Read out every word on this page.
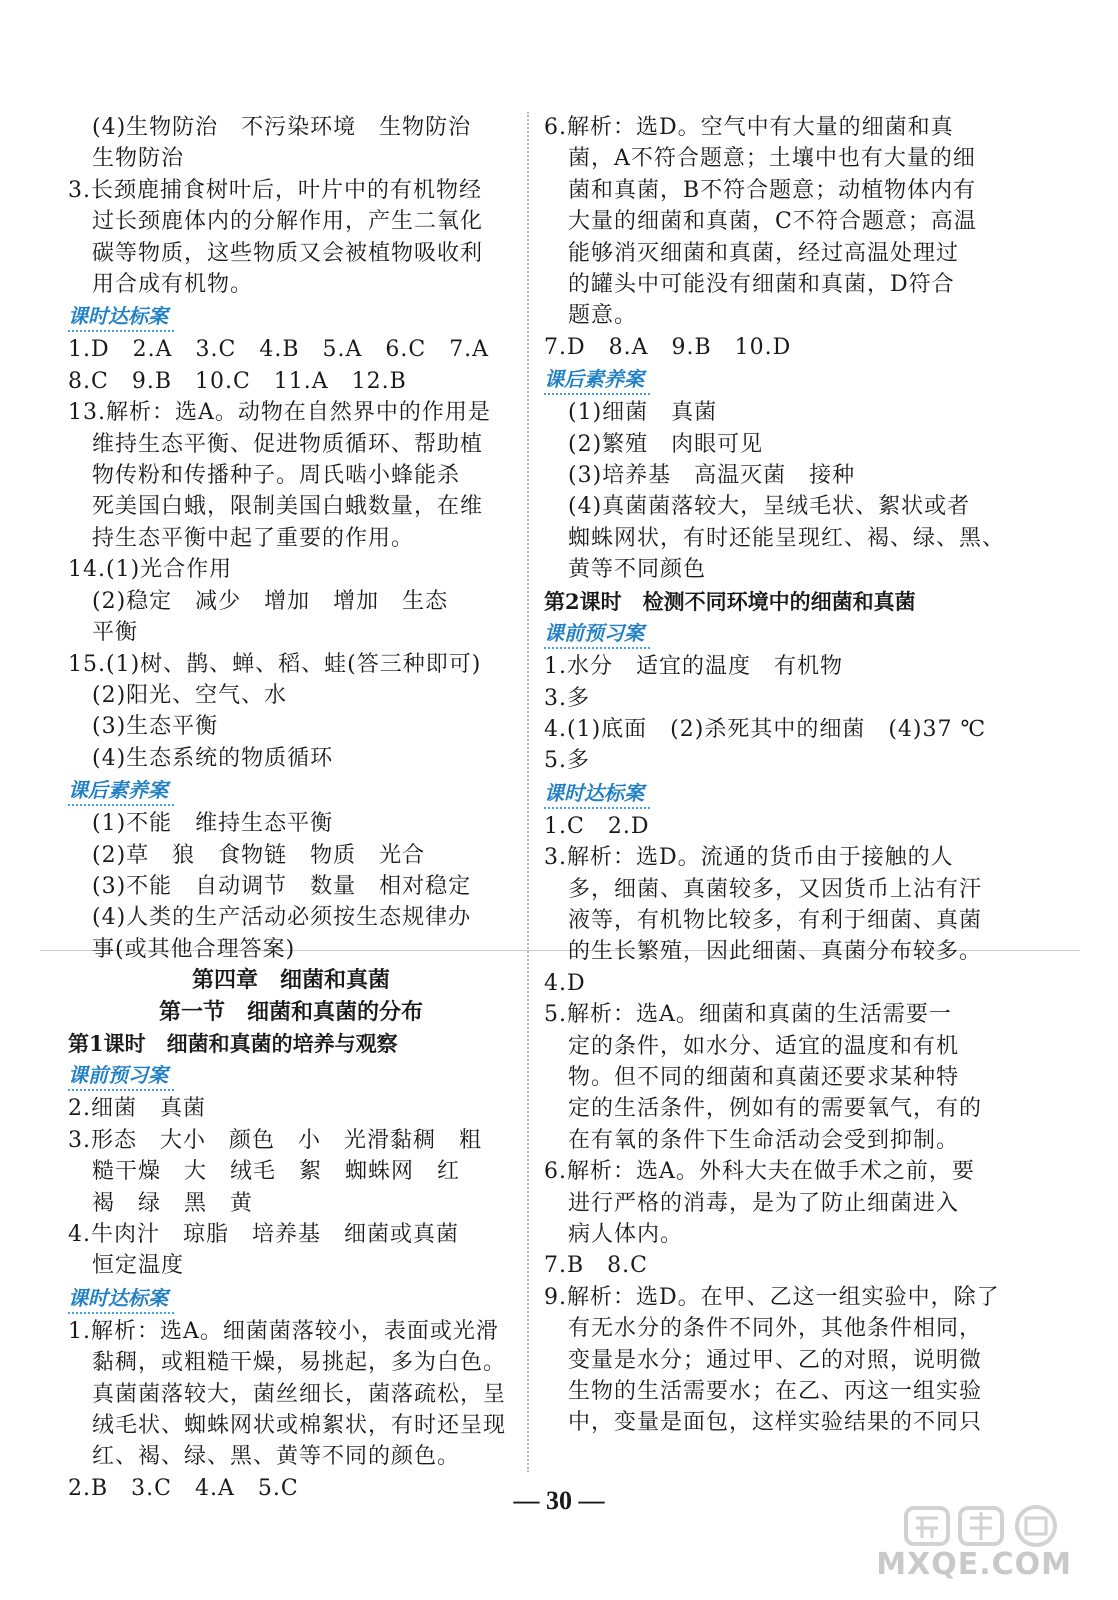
(4)生物防治　不污染环境　生物防治
生物防治
3.长颈鹿捕食树叶后，叶片中的有机物经
过长颈鹿体内的分解作用，产生二氧化
碳等物质，这些物质又会被植物吸收利
用合成有机物。
课时达标案
1.D　2.A　3.C　4.B　5.A　6.C　7.A
8.C　9.B　10.C　11.A　12.B
13.解析：选A。动物在自然界中的作用是
维持生态平衡、促进物质循环、帮助植
物传粉和传播种子。周氏啮小蜂能杀
死美国白蛾，限制美国白蛾数量，在维
持生态平衡中起了重要的作用。
14.(1)光合作用
(2)稳定　减少　增加　增加　生态
平衡
15.(1)树、鹊、蝉、稻、蛙(答三种即可)
(2)阳光、空气、水
(3)生态平衡
(4)生态系统的物质循环
课后素养案
(1)不能　维持生态平衡
(2)草　狼　食物链　物质　光合
(3)不能　自动调节　数量　相对稳定
(4)人类的生产活动必须按生态规律办
事(或其他合理答案)
第四章　细菌和真菌
第一节　细菌和真菌的分布
第1课时　细菌和真菌的培养与观察
课前预习案
2.细菌　真菌
3.形态　大小　颜色　小　光滑黏稠　粗
糙干燥　大　绒毛　絮　蜘蛛网　红
褐　绿　黑　黄
4.牛肉汁　琼脂　培养基　细菌或真菌
恒定温度
课时达标案
1.解析：选A。细菌菌落较小，表面或光滑
黏稠，或粗糙干燥，易挑起，多为白色。
真菌菌落较大，菌丝细长，菌落疏松，呈
绒毛状、蜘蛛网状或棉絮状，有时还呈现
红、褐、绿、黑、黄等不同的颜色。
2.B　3.C　4.A　5.C
6.解析：选D。空气中有大量的细菌和真
菌，A不符合题意；土壤中也有大量的细
菌和真菌，B不符合题意；动植物体内有
大量的细菌和真菌，C不符合题意；高温
能够消灭细菌和真菌，经过高温处理过
的罐头中可能没有细菌和真菌，D符合
题意。
7.D　8.A　9.B　10.D
课后素养案
(1)细菌　真菌
(2)繁殖　肉眼可见
(3)培养基　高温灭菌　接种
(4)真菌菌落较大，呈绒毛状、絮状或者
蜘蛛网状，有时还能呈现红、褐、绿、黑、
黄等不同颜色
第2课时　检测不同环境中的细菌和真菌
课前预习案
1.水分　适宜的温度　有机物
3.多
4.(1)底面　(2)杀死其中的细菌　(4)37 ℃
5.多
课时达标案
1.C　2.D
3.解析：选D。流通的货币由于接触的人
多，细菌、真菌较多，又因货币上沾有汗
液等，有机物比较多，有利于细菌、真菌
的生长繁殖，因此细菌、真菌分布较多。
4.D
5.解析：选A。细菌和真菌的生活需要一
定的条件，如水分、适宜的温度和有机
物。但不同的细菌和真菌还要求某种特
定的生活条件，例如有的需要氧气，有的
在有氧的条件下生命活动会受到抑制。
6.解析：选A。外科大夫在做手术之前，要
进行严格的消毒，是为了防止细菌进入
病人体内。
7.B　8.C
9.解析：选D。在甲、乙这一组实验中，除了
有无水分的条件不同外，其他条件相同，
变量是水分；通过甲、乙的对照，说明微
生物的生活需要水；在乙、丙这一组实验
中，变量是面包，这样实验结果的不同只
— 30 —
MXQE.COM
